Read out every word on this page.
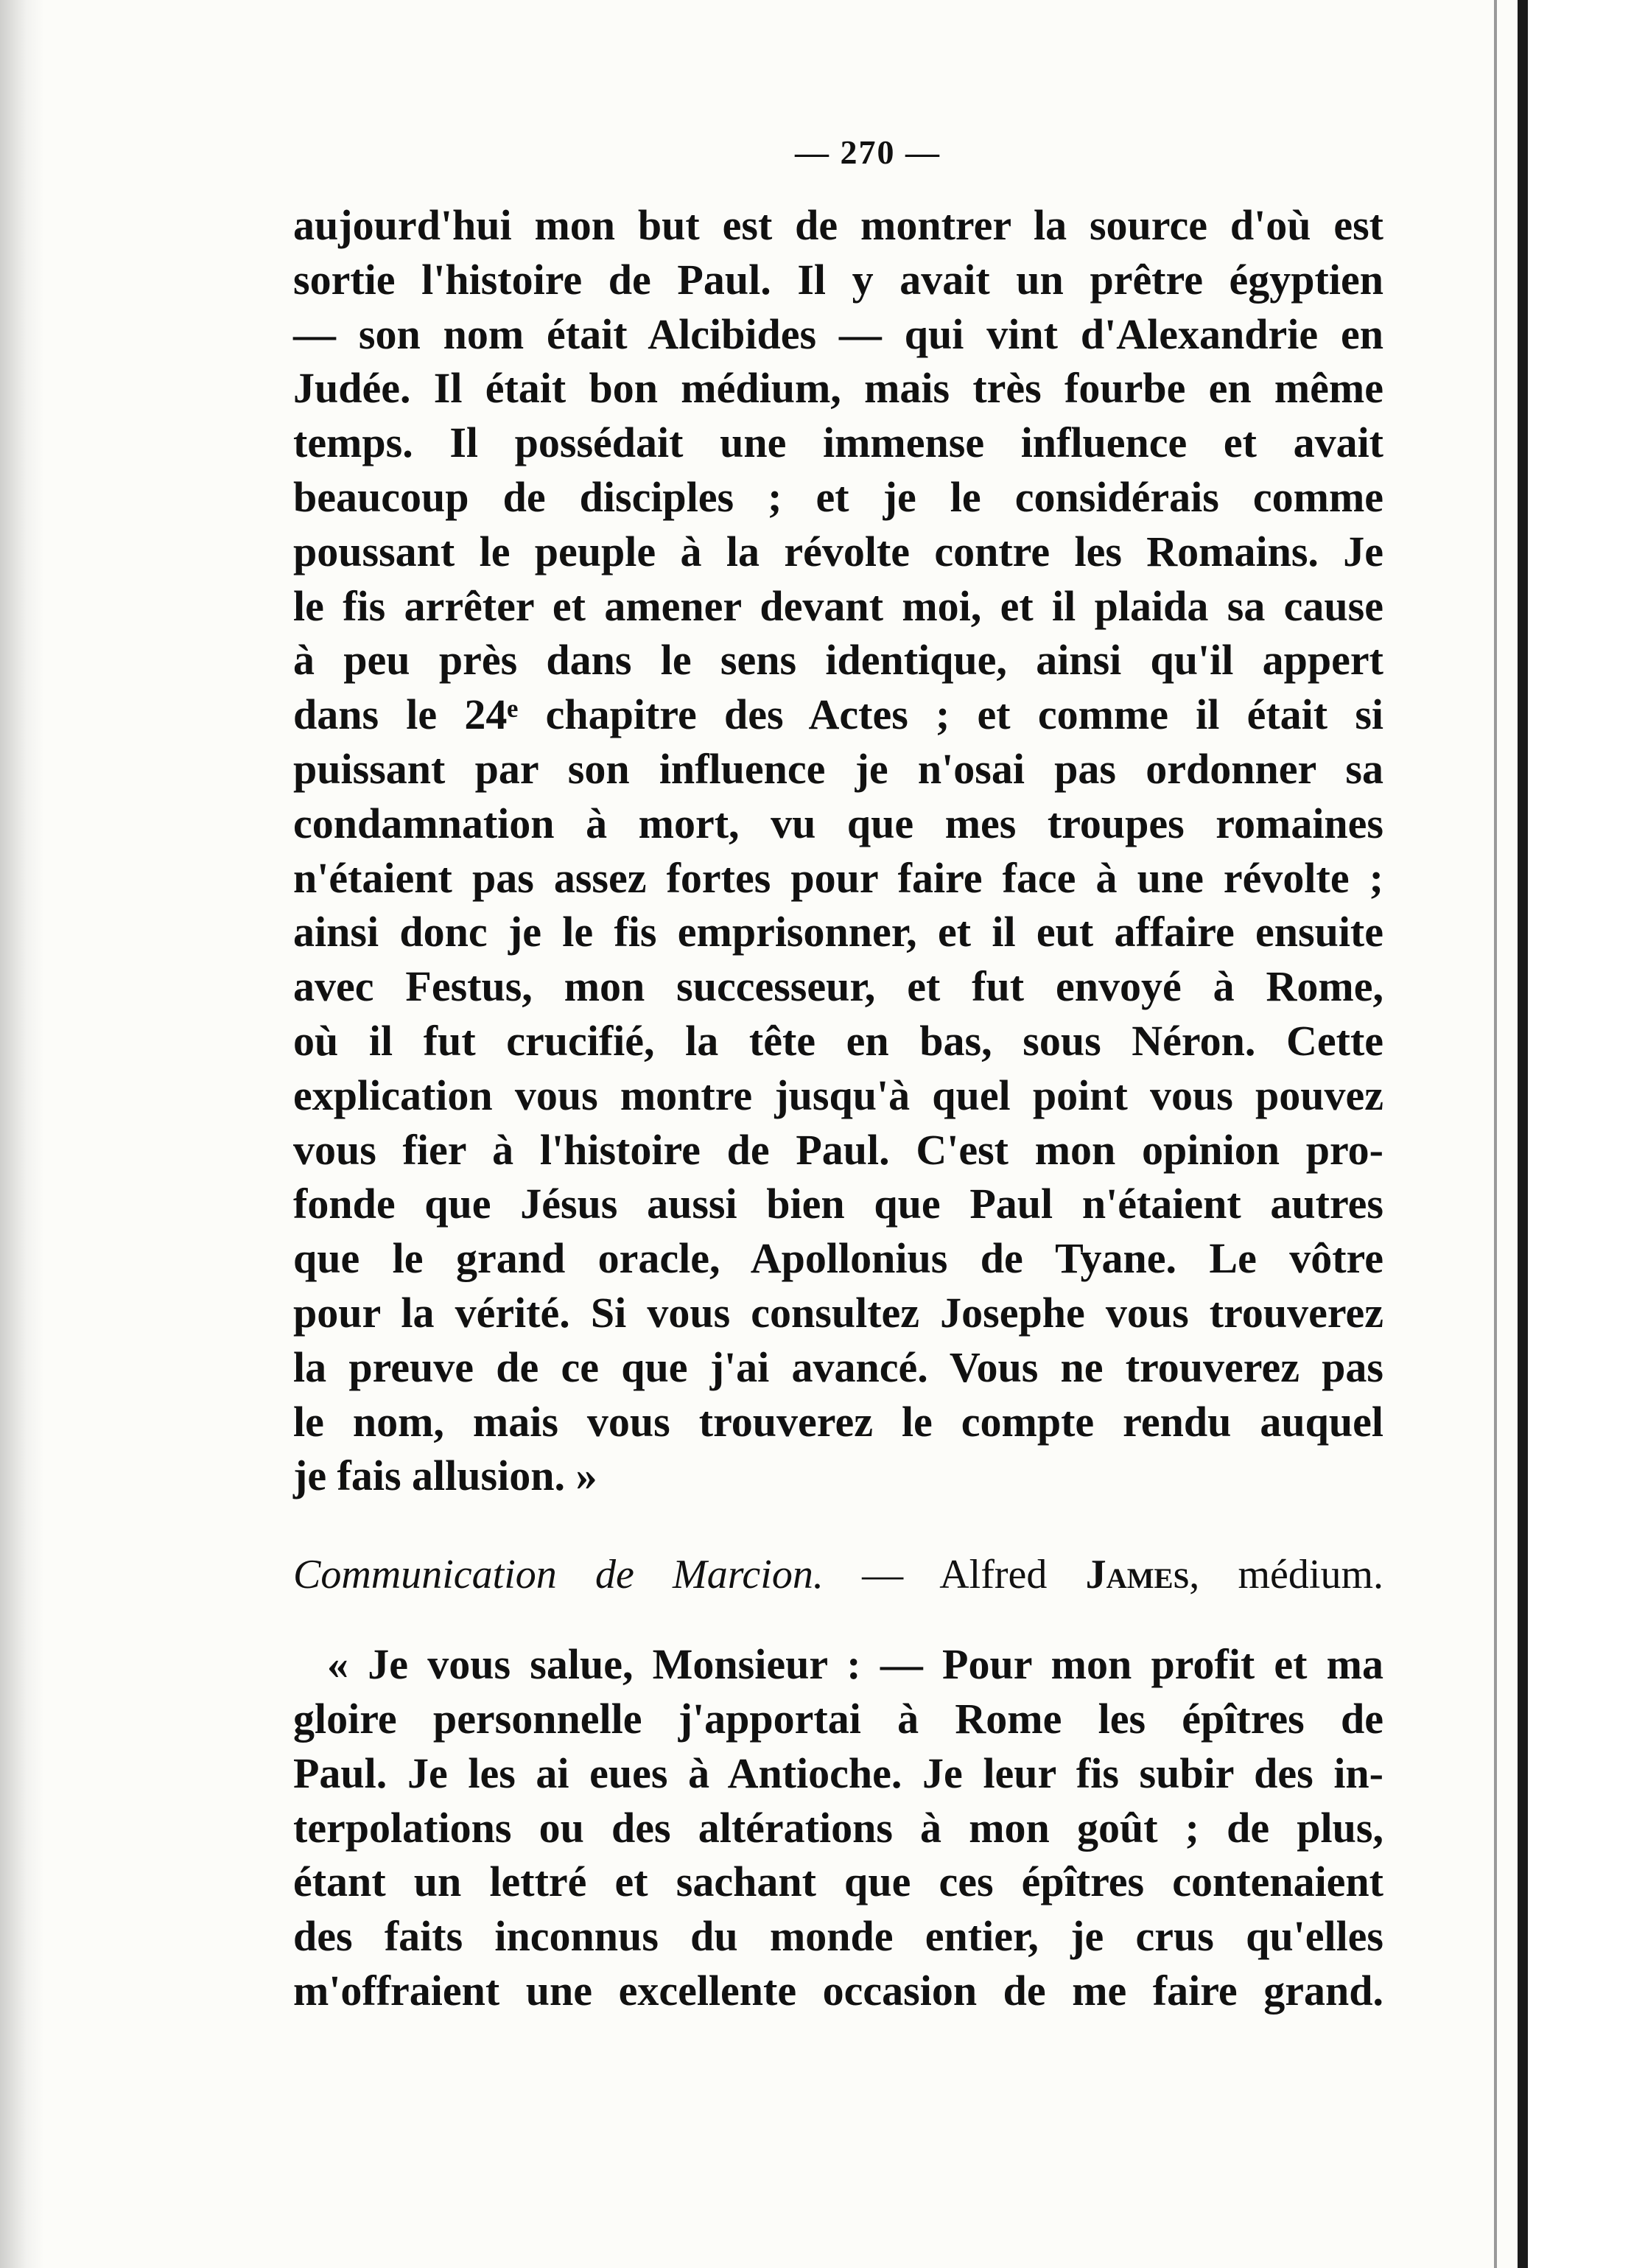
— 270 —
aujourd'hui mon but est de montrer la source d'où est
sortie l'histoire de Paul. Il y avait un prêtre égyptien
— son nom était Alcibides — qui vint d'Alexandrie en
Judée. Il était bon médium, mais très fourbe en même
temps. Il possédait une immense influence et avait
beaucoup de disciples ; et je le considérais comme
poussant le peuple à la révolte contre les Romains. Je
le fis arrêter et amener devant moi, et il plaida sa cause
à peu près dans le sens identique, ainsi qu'il appert
dans le 24ᵉ chapitre des Actes ; et comme il était si
puissant par son influence je n'osai pas ordonner sa
condamnation à mort, vu que mes troupes romaines
n'étaient pas assez fortes pour faire face à une révolte ;
ainsi donc je le fis emprisonner, et il eut affaire ensuite
avec Festus, mon successeur, et fut envoyé à Rome,
où il fut crucifié, la tête en bas, sous Néron. Cette
explication vous montre jusqu'à quel point vous pouvez
vous fier à l'histoire de Paul. C'est mon opinion pro-
fonde que Jésus aussi bien que Paul n'étaient autres
que le grand oracle, Apollonius de Tyane. Le vôtre
pour la vérité. Si vous consultez Josephe vous trouverez
la preuve de ce que j'ai avancé. Vous ne trouverez pas
le nom, mais vous trouverez le compte rendu auquel
je fais allusion. »
Communication de Marcion. — Alfred James, médium.
« Je vous salue, Monsieur : — Pour mon profit et ma
gloire personnelle j'apportai à Rome les épîtres de
Paul. Je les ai eues à Antioche. Je leur fis subir des in-
terpolations ou des altérations à mon goût ; de plus,
étant un lettré et sachant que ces épîtres contenaient
des faits inconnus du monde entier, je crus qu'elles
m'offraient une excellente occasion de me faire grand.
